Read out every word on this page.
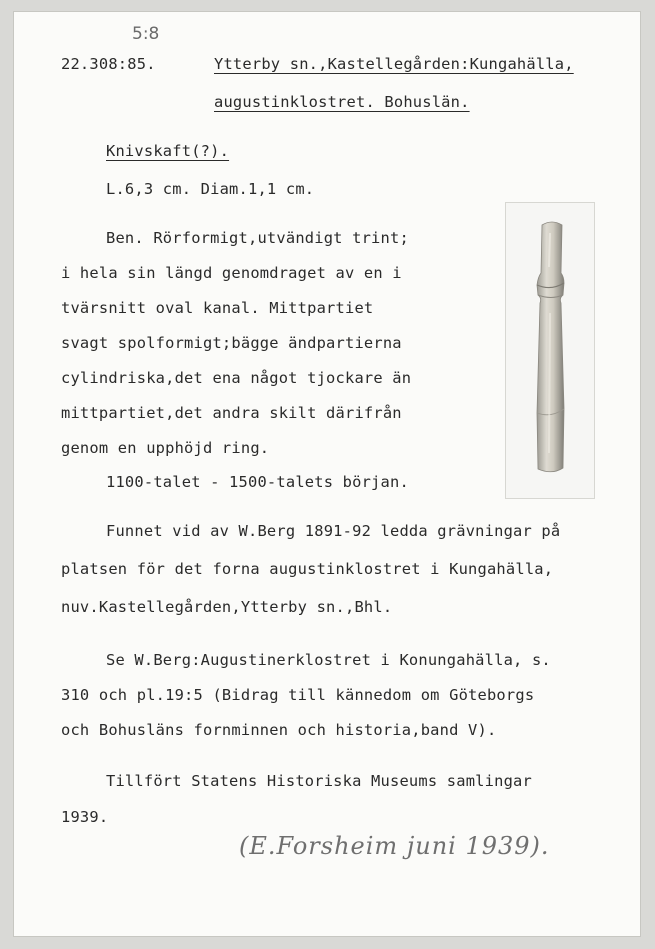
5:8
22.308:85.	Ytterby sn.,Kastellegården:Kungahälla,
augustinklostret. Bohuslän.
Knivskaft(?).
L.6,3 cm. Diam.1,1 cm.
Ben. Rörformigt,utvändigt trint;
i hela sin längd genomdraget av en i
tvärsnitt oval kanal. Mittpartiet
svagt spolformigt;bägge ändpartierna
cylindriska,det ena något tjockare än
mittpartiet,det andra skilt därifrån
genom en upphöjd ring.
1100-talet - 1500-talets början.
Funnet vid av W.Berg 1891-92 ledda grävningar på
platsen för det forna augustinklostret i Kungahälla,
nuv.Kastellegården,Ytterby sn.,Bhl.
Se W.Berg:Augustinerklostret i Konungahälla, s.
310 och pl.19:5 (Bidrag till kännedom om Göteborgs
och Bohusläns fornminnen och historia,band V).
Tillfört Statens Historiska Museums samlingar
1939.
(E.Forsheim juni 1939).
